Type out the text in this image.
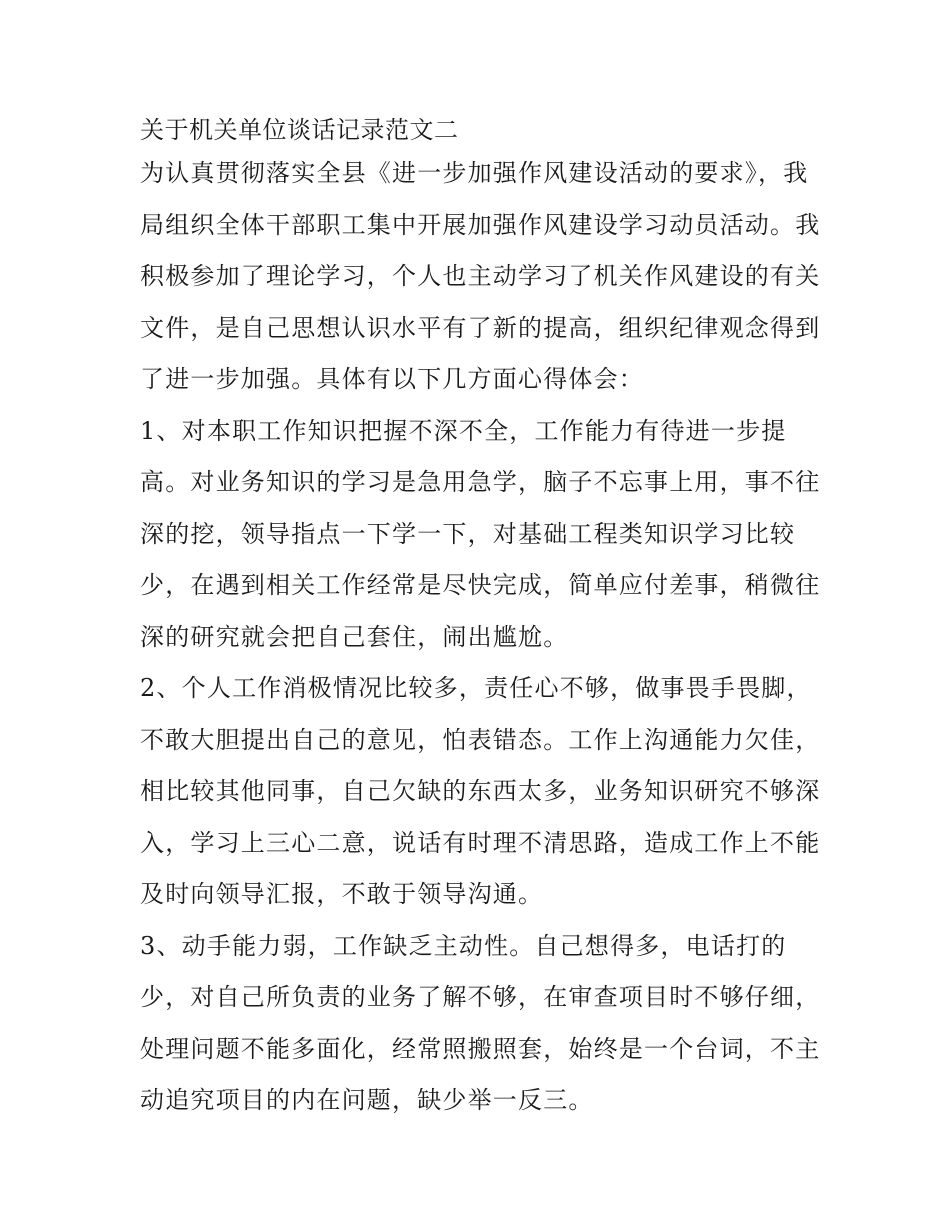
关于机关单位谈话记录范文二
为认真贯彻落实全县《进一步加强作风建设活动的要求》，我
局组织全体干部职工集中开展加强作风建设学习动员活动。我
积极参加了理论学习，个人也主动学习了机关作风建设的有关
文件，是自己思想认识水平有了新的提高，组织纪律观念得到
了进一步加强。具体有以下几方面心得体会：
1、对本职工作知识把握不深不全，工作能力有待进一步提
高。对业务知识的学习是急用急学，脑子不忘事上用，事不往
深的挖，领导指点一下学一下，对基础工程类知识学习比较
少，在遇到相关工作经常是尽快完成，简单应付差事，稍微往
深的研究就会把自己套住，闹出尴尬。
2、个人工作消极情况比较多，责任心不够，做事畏手畏脚，
不敢大胆提出自己的意见，怕表错态。工作上沟通能力欠佳，
相比较其他同事，自己欠缺的东西太多，业务知识研究不够深
入，学习上三心二意，说话有时理不清思路，造成工作上不能
及时向领导汇报，不敢于领导沟通。
3、动手能力弱，工作缺乏主动性。自己想得多，电话打的
少，对自己所负责的业务了解不够，在审查项目时不够仔细，
处理问题不能多面化，经常照搬照套，始终是一个台词，不主
动追究项目的内在问题，缺少举一反三。
